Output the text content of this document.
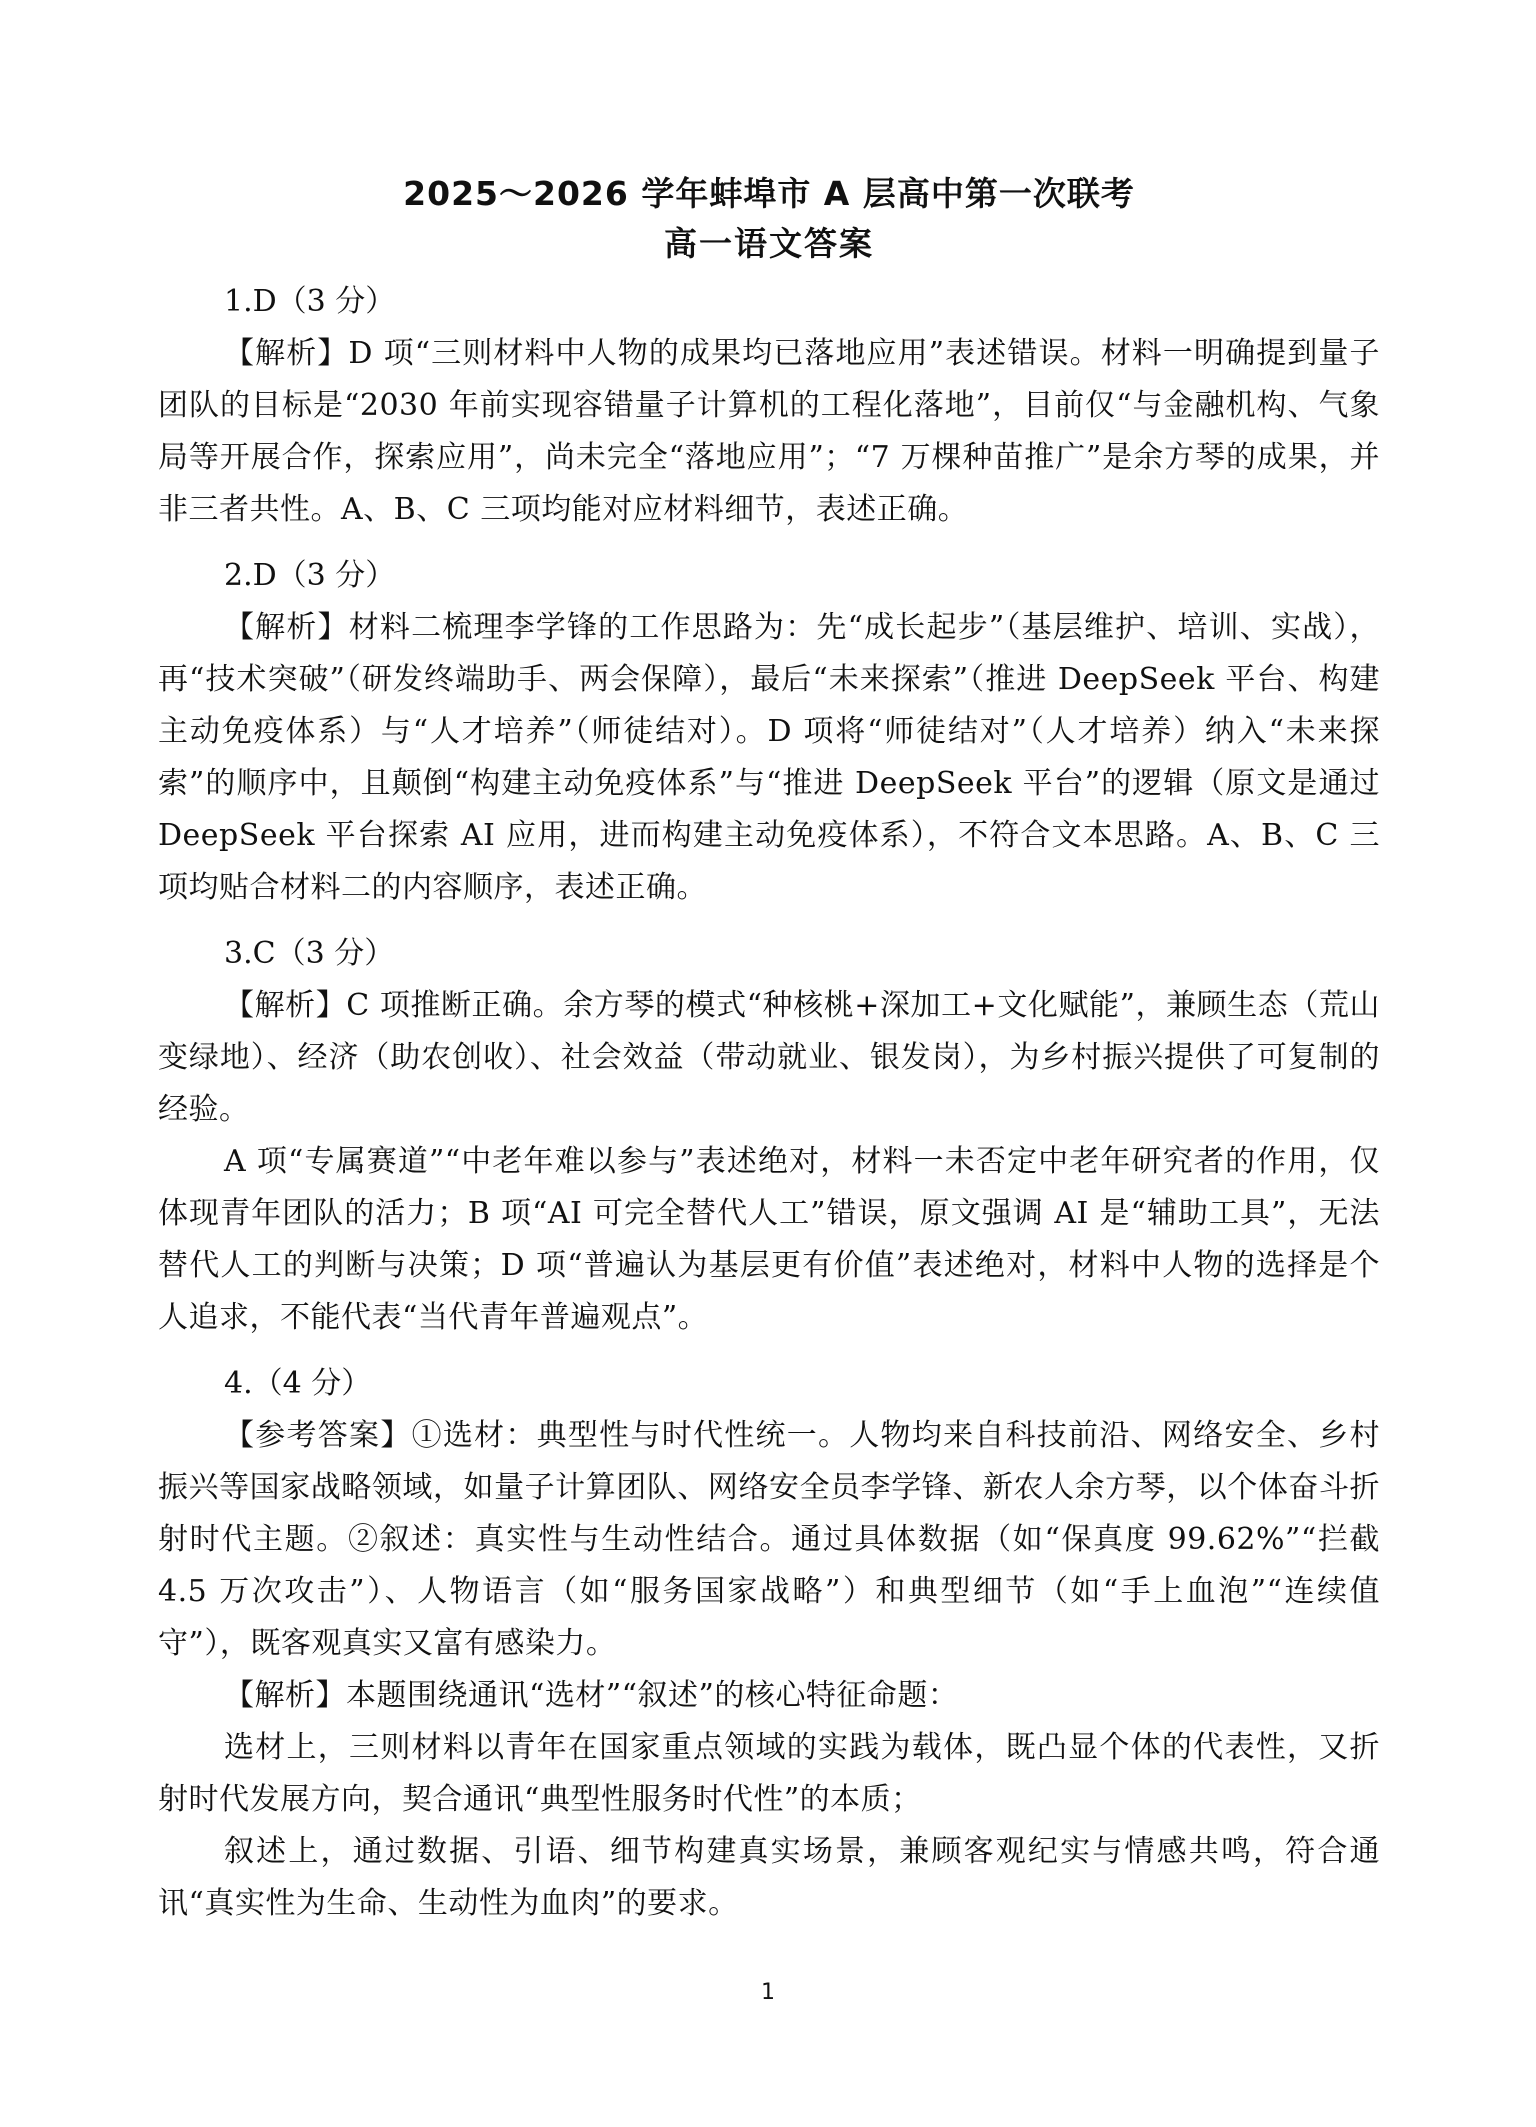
2025～2026 学年蚌埠市 A 层高中第一次联考
高一语文答案
1.D（3 分）

【解析】D 项“三则材料中人物的成果均已落地应用”表述错误。材料一明确提到量子团队的目标是“2030 年前实现容错量子计算机的工程化落地”，目前仅“与金融机构、气象局等开展合作，探索应用”，尚未完全“落地应用”；“7 万棵种苗推广”是余方琴的成果，并非三者共性。A、B、C 三项均能对应材料细节，表述正确。

2.D（3 分）

【解析】材料二梳理李学锋的工作思路为：先“成长起步”（基层维护、培训、实战），再“技术突破”（研发终端助手、两会保障），最后“未来探索”（推进 DeepSeek 平台、构建主动免疫体系）与“人才培养”（师徒结对）。D 项将“师徒结对”（人才培养）纳入“未来探索”的顺序中，且颠倒“构建主动免疫体系”与“推进 DeepSeek 平台”的逻辑（原文是通过 DeepSeek 平台探索 AI 应用，进而构建主动免疫体系），不符合文本思路。A、B、C 三项均贴合材料二的内容顺序，表述正确。

3.C（3 分）

【解析】C 项推断正确。余方琴的模式“种核桃+深加工+文化赋能”，兼顾生态（荒山变绿地）、经济（助农创收）、社会效益（带动就业、银发岗），为乡村振兴提供了可复制的经验。

A 项“专属赛道”“中老年难以参与”表述绝对，材料一未否定中老年研究者的作用，仅体现青年团队的活力；B 项“AI 可完全替代人工”错误，原文强调 AI 是“辅助工具”，无法替代人工的判断与决策；D 项“普遍认为基层更有价值”表述绝对，材料中人物的选择是个人追求，不能代表“当代青年普遍观点”。

4.（4 分）

【参考答案】①选材：典型性与时代性统一。人物均来自科技前沿、网络安全、乡村振兴等国家战略领域，如量子计算团队、网络安全员李学锋、新农人余方琴，以个体奋斗折射时代主题。②叙述：真实性与生动性结合。通过具体数据（如“保真度 99.62%”“拦截 4.5 万次攻击”）、人物语言（如“服务国家战略”）和典型细节（如“手上血泡”“连续值守”），既客观真实又富有感染力。

【解析】本题围绕通讯“选材”“叙述”的核心特征命题：

选材上，三则材料以青年在国家重点领域的实践为载体，既凸显个体的代表性，又折射时代发展方向，契合通讯“典型性服务时代性”的本质；

叙述上，通过数据、引语、细节构建真实场景，兼顾客观纪实与情感共鸣，符合通讯“真实性为生命、生动性为血肉”的要求。

1
